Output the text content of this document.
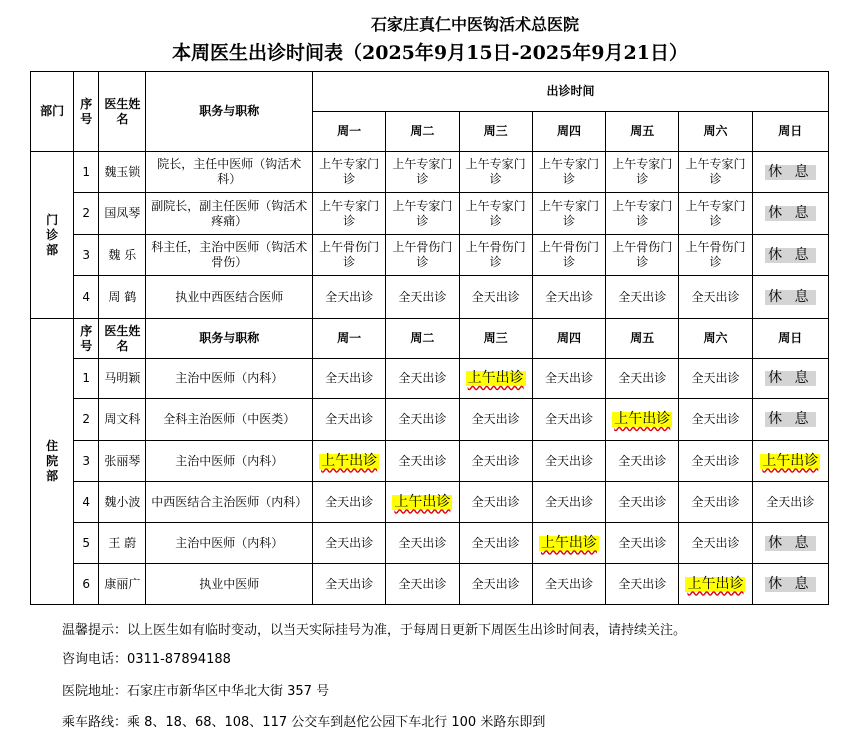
石家庄真仁中医钩活术总医院
本周医生出诊时间表（2025年9月15日-2025年9月21日）
部门	序号	医生姓名	职务与职称	出诊时间						
				周一	周二	周三	周四	周五	周六	周日
门诊部	1	魏玉锁	院长，主任中医师（钩活术科）	上午专家门诊	上午专家门诊	上午专家门诊	上午专家门诊	上午专家门诊	上午专家门诊	休 息
	2	国凤琴	副院长，副主任医师（钩活术 疼痛）	上午专家门诊	上午专家门诊	上午专家门诊	上午专家门诊	上午专家门诊	上午专家门诊	休 息
	3	魏 乐	科主任，主治中医师（钩活术骨伤）	上午骨伤门诊	上午骨伤门诊	上午骨伤门诊	上午骨伤门诊	上午骨伤门诊	上午骨伤门诊	休 息
	4	周 鹤	执业中西医结合医师	全天出诊	全天出诊	全天出诊	全天出诊	全天出诊	全天出诊	休 息
住院部	序号	医生姓名	职务与职称	周一	周二	周三	周四	周五	周六	周日
	1	马明颖	主治中医师（内科）	全天出诊	全天出诊	上午出诊	全天出诊	全天出诊	全天出诊	休 息
	2	周文科	全科主治医师（中医类）	全天出诊	全天出诊	全天出诊	全天出诊	上午出诊	全天出诊	休 息
	3	张丽琴	主治中医师（内科）	上午出诊	全天出诊	全天出诊	全天出诊	全天出诊	全天出诊	上午出诊
	4	魏小波	中西医结合主治医师（内科）	全天出诊	上午出诊	全天出诊	全天出诊	全天出诊	全天出诊	全天出诊
	5	王 蔚	主治中医师（内科）	全天出诊	全天出诊	全天出诊	上午出诊	全天出诊	全天出诊	休 息
	6	康丽广	执业中医师	全天出诊	全天出诊	全天出诊	全天出诊	全天出诊	上午出诊	休 息
温馨提示：以上医生如有临时变动，以当天实际挂号为准，于每周日更新下周医生出诊时间表，请持续关注。
咨询电话：0311-87894188
医院地址：石家庄市新华区中华北大街 357 号
乘车路线：乘 8、18、68、108、117 公交车到赵佗公园下车北行 100 米路东即到
